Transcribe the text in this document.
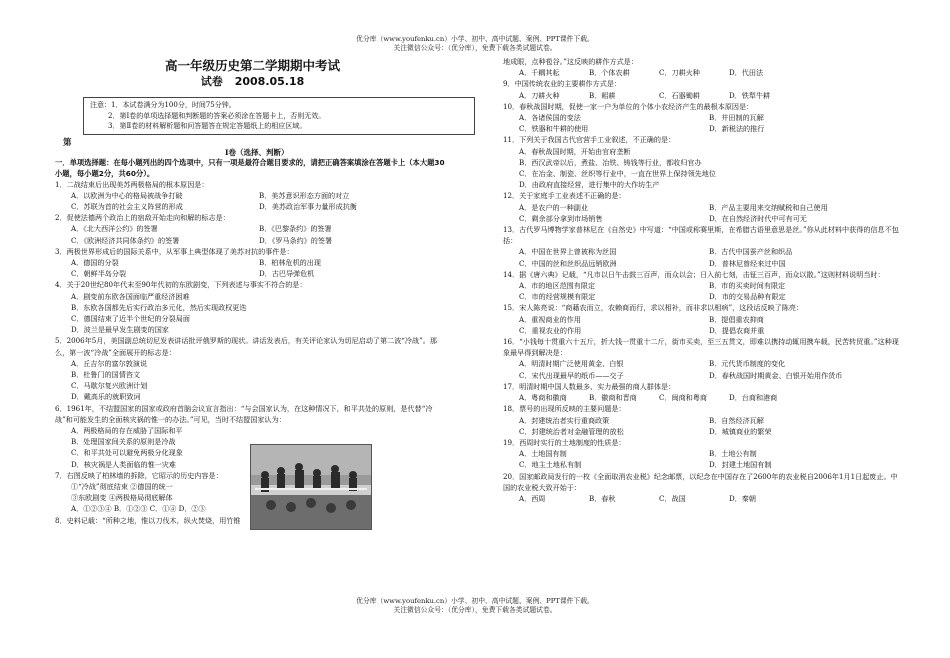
优分库（www.youfenku.cn）小学、初中、高中试题、案例、PPT课件下载。
关注微信公众号：（优分库），免费下载各类试题试卷。
优分库（www.youfenku.cn）小学、初中、高中试题、案例、PPT课件下载。
关注微信公众号：（优分库），免费下载各类试题试卷。
高一年级历史第二学期期中考试
试卷 2008.05.18
注意：1．本试卷满分为100分，时间75分钟。
2．第Ⅰ卷的单项选择题和判断题的答案必须涂在答题卡上，否则无效。
3．第Ⅱ卷的材料解析题和问答题答在规定答题纸上的相应区域。
第
Ⅰ卷（选择、判断）
一．单项选择题：在每小题列出的四个选项中，只有一项是最符合题目要求的，请把正确答案填涂在答题卡上（本大题30小题，每小题2分，共60分）。
1．二战结束后出现美苏两极格局的根本原因是：
A．以欧洲为中心的格局被战争打破	B．美苏意识形态方面的对立
C．苏联为首的社会主义阵营的形成	D．美苏政治军事力量形成抗衡
2．促使法德两个政治上的宿敌开始走向和解的标志是：
A．《北大西洋公约》的签署	B．《巴黎条约》的签署
C．《欧洲经济共同体条约》的签署	D．《罗马条约》的签署
3．两极世界形成后的国际关系中，从军事上典型体现了美苏对抗的事件是：
A．德国的分裂	B．柏林危机的出现
C．朝鲜半岛分裂	D．古巴导弹危机
4．关于20世纪80年代末至90年代初的东欧剧变，下列表述与事实不符合的是：
A．剧变前东欧各国面临严重经济困难
B．东欧各国都先后实行政治多元化，然后实现政权更迭
C．德国结束了近半个世纪的分裂局面
D．波兰是最早发生剧变的国家
5．2006年5月，美国副总统切尼发表讲话批评俄罗斯的现状。讲话发表后，有关评论家认为切尼启动了第二波“冷战”。那么，第一波“冷战”全面展开的标志是：
A．丘吉尔的富尔敦演说
B．杜鲁门的国情咨文
C．马歇尔复兴欧洲计划
D．戴高乐的就职致词
6．1961年，不结盟国家的国家或政府首脑会议宣言指出：“与会国家认为，在这种情况下，和平共处的原则，是代替“冷战”和可能发生的全面核灾祸的惟一的办法。”可见，当时不结盟国家认为：
A．两极格局的存在威胁了国际和平
B．处理国家间关系的原则是冷战
C．和平共处可以避免两极分化现象
D．核灾祸是人类面临的惟一灾难
7．右图反映了柏林墙的拆除，它昭示的历史内容是：
①“冷战”彻底结束 ②德国的统一
③东欧剧变 ④两极格局彻底解体
A．①②③④ B．①②③ C．①④ D．②③
8．史料记载：“所种之地，惟以刀伐木，纵火焚烧，用竹锥
地成眼，点种苞谷。”这反映的耕作方式是：
A．千耦其耘	B．个体农耕	C．刀耕火种	D．代田法
9．中国传统农业的主要耕作方式是：
A．刀耕火种	B．耜耕	C．石器锄耕	D．铁犁牛耕
10．春秋战国时期，促使一家一户为单位的个体小农经济产生的最根本原因是：
A．各诸侯国的变法	B．井田制的瓦解
C．铁器和牛耕的使用	D．新税法的推行
11．下列关于我国古代官营手工业叙述，不正确的是：
A．春秋战国时期，开始由官府垄断
B．西汉武帝以后，煮盐、冶铁、铸钱等行业，都收归官办
C．在冶金、制瓷、丝织等行业中，一直在世界上保持领先地位
D．由政府直接经营，进行集中的大作坊生产
12．关于家庭手工业表述不正确的是：
A．是农户的一种副业	B．产品主要用来交纳赋税和自己使用
C．剩余部分拿到市场销售	D．在自然经济时代中可有可无
13．古代罗马博物学家普林尼在《自然史》中写道：“中国或称赛里斯，在希腊古语里意思是丝。”你从此材料中获得的信息不包括：
A．中国在世界上曾被称为丝国	B．古代中国蚕产丝和织品
C．中国的丝和丝织品远销欧洲	D．普林尼曾经来过中国
14．据《唐六典》记载，“凡市以日午击鼓三百声，而众以会；日入前七刻，击钲三百声，而众以散。”这则材料说明当时：
A．市的地区范围有限定	B．市的买卖时间有限定
C．市的经营规模有限定	D．市的交易品种有限定
15．宋人陈亮说：“商藉农而立，农赖商而行，求以相补，而非求以相病”，这段话反映了陈亮：
A．重视商业的作用	B．提倡重农抑商
C．重视农业的作用	D．提倡农商并重
16．“小钱每十贯重六十五斤，折大钱一贯重十二斤，街市买卖，至三五贯文，即难以携持动辄用携车载，民苦转贸重。”这种现象最早得到解决是：
A．明清时期广泛使用黄金、白银	B．元代货币制度的变化
C．宋代出现最早的纸币——交子	D．春秋战国时期黄金、白银开始用作货币
17．明清时期中国人数最多、实力最强的商人群体是：
A．粤商和徽商	B．徽商和晋商	C．闽商和粤商	D．台商和港商
18．票号的出现所反映的主要问题是：
A．封建统治者实行重商政策	B．自然经济瓦解
C．封建统治者对金融管理的放松	D．城镇商业的繁荣
19．西周时实行的土地制度的性质是：
A．土地国有制	B．土地公有制
C．地主土地私有制	D．封建土地国有制
20．国家邮政局发行的一枚《全面取消农业税》纪念邮票，以纪念在中国存在了2600年的农业税自2006年1月1日起废止。中国的农业税大致开始于：
A．西周	B．春秋	C．战国	D．秦朝
